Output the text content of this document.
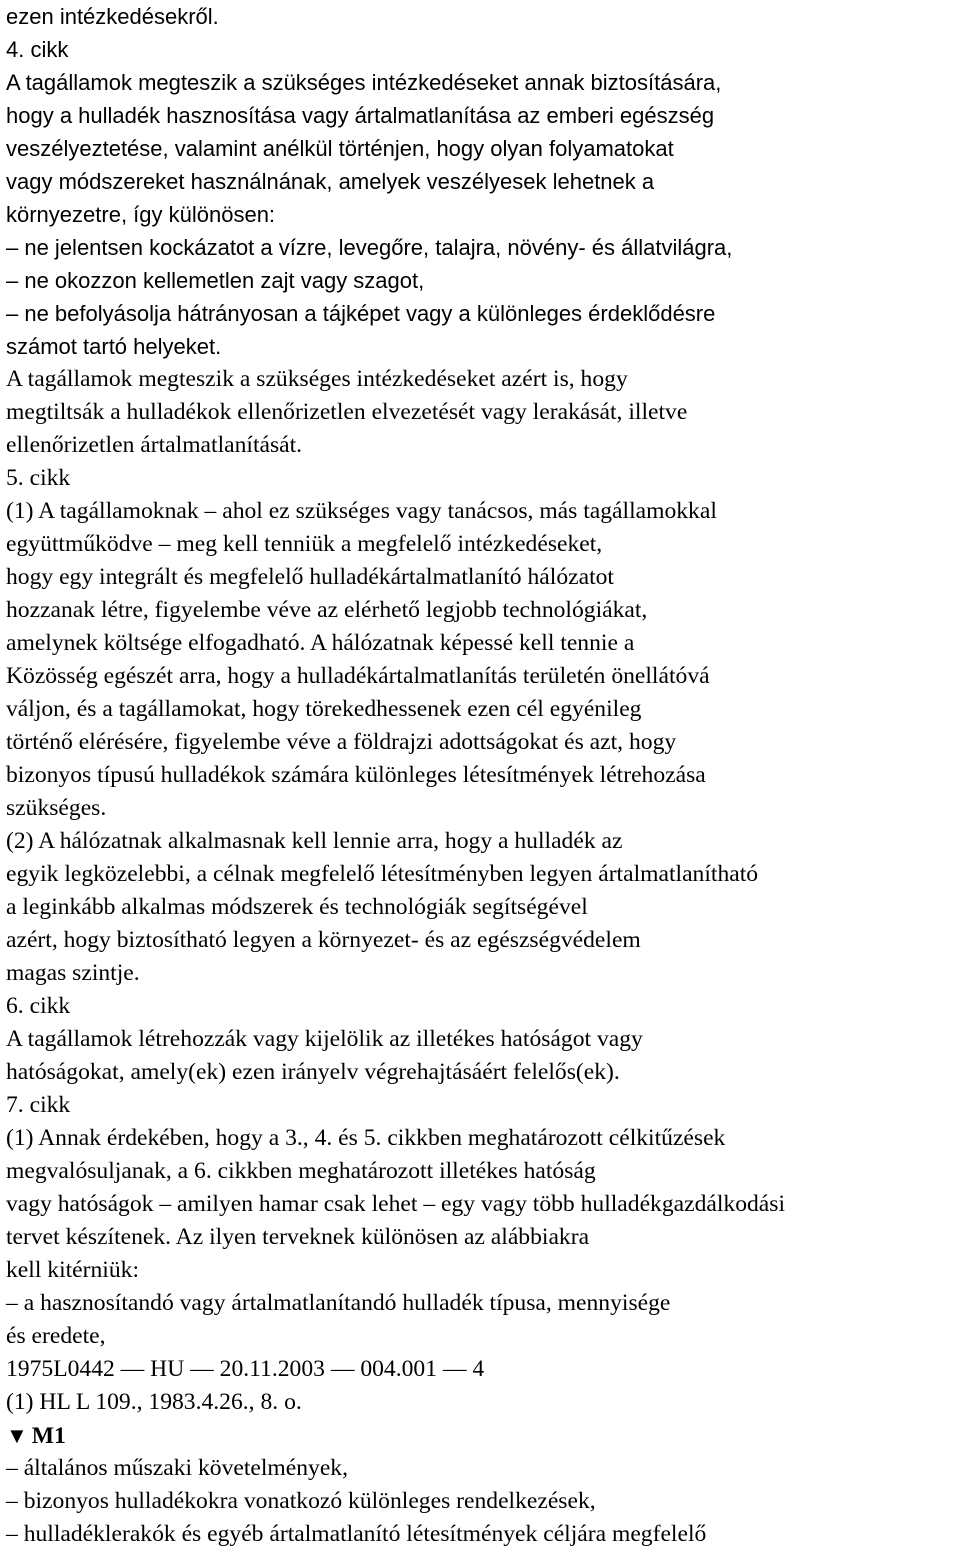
ezen intézkedésekről.
4. cikk
A tagállamok megteszik a szükséges intézkedéseket annak biztosítására,
hogy a hulladék hasznosítása vagy ártalmatlanítása az emberi egészség
veszélyeztetése, valamint anélkül történjen, hogy olyan folyamatokat
vagy módszereket használnának, amelyek veszélyesek lehetnek a
környezetre, így különösen:
– ne jelentsen kockázatot a vízre, levegőre, talajra, növény- és állatvilágra,
– ne okozzon kellemetlen zajt vagy szagot,
– ne befolyásolja hátrányosan a tájképet vagy a különleges érdeklődésre
számot tartó helyeket.
A tagállamok megteszik a szükséges intézkedéseket azért is, hogy
megtiltsák a hulladékok ellenőrizetlen elvezetését vagy lerakását, illetve
ellenőrizetlen ártalmatlanítását.
5. cikk
(1) A tagállamoknak – ahol ez szükséges vagy tanácsos, más tagállamokkal
együttműködve – meg kell tenniük a megfelelő intézkedéseket,
hogy egy integrált és megfelelő hulladékártalmatlanító hálózatot
hozzanak létre, figyelembe véve az elérhető legjobb technológiákat,
amelynek költsége elfogadható. A hálózatnak képessé kell tennie a
Közösség egészét arra, hogy a hulladékártalmatlanítás területén önellátóvá
váljon, és a tagállamokat, hogy törekedhessenek ezen cél egyénileg
történő elérésére, figyelembe véve a földrajzi adottságokat és azt, hogy
bizonyos típusú hulladékok számára különleges létesítmények létrehozása
szükséges.
(2) A hálózatnak alkalmasnak kell lennie arra, hogy a hulladék az
egyik legközelebbi, a célnak megfelelő létesítményben legyen ártalmatlanítható
a leginkább alkalmas módszerek és technológiák segítségével
azért, hogy biztosítható legyen a környezet- és az egészségvédelem
magas szintje.
6. cikk
A tagállamok létrehozzák vagy kijelölik az illetékes hatóságot vagy
hatóságokat, amely(ek) ezen irányelv végrehajtásáért felelős(ek).
7. cikk
(1) Annak érdekében, hogy a 3., 4. és 5. cikkben meghatározott célkitűzések
megvalósuljanak, a 6. cikkben meghatározott illetékes hatóság
vagy hatóságok – amilyen hamar csak lehet – egy vagy több hulladékgazdálkodási
tervet készítenek. Az ilyen terveknek különösen az alábbiakra
kell kitérniük:
– a hasznosítandó vagy ártalmatlanítandó hulladék típusa, mennyisége
és eredete,
1975L0442 — HU — 20.11.2003 — 004.001 — 4
(1) HL L 109., 1983.4.26., 8. o.
▼ M1
– általános műszaki követelmények,
– bizonyos hulladékokra vonatkozó különleges rendelkezések,
– hulladéklerakók és egyéb ártalmatlanító létesítmények céljára megfelelő
